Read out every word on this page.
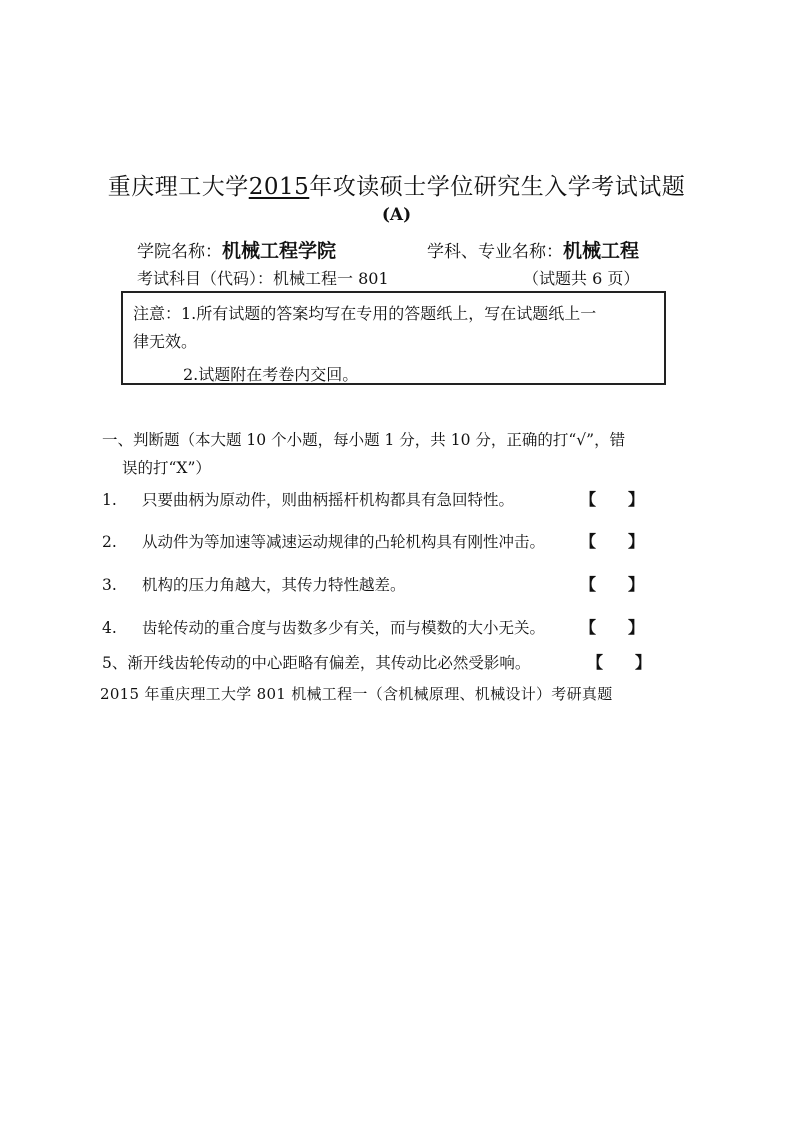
重庆理工大学2015年攻读硕士学位研究生入学考试试题
(A)
学院名称：机械工程学院	学科、专业名称：机械工程
考试科目（代码）：机械工程一 801	（试题共 6 页）
注意：1.所有试题的答案均写在专用的答题纸上，写在试题纸上一
律无效。
2.试题附在考卷内交回。
一、判断题（本大题 10 个小题，每小题 1 分，共 10 分，正确的打“√”，错
误的打“X”）
1. 只要曲柄为原动件，则曲柄摇杆机构都具有急回特性。	【　　】
2. 从动件为等加速等减速运动规律的凸轮机构具有刚性冲击。 【　　】
3. 机构的压力角越大，其传力特性越差。	【　　】
4. 齿轮传动的重合度与齿数多少有关，而与模数的大小无关。 【　　】
5、渐开线齿轮传动的中心距略有偏差，其传动比必然受影响。	【　　】
2015 年重庆理工大学 801 机械工程一（含机械原理、机械设计）考研真题
